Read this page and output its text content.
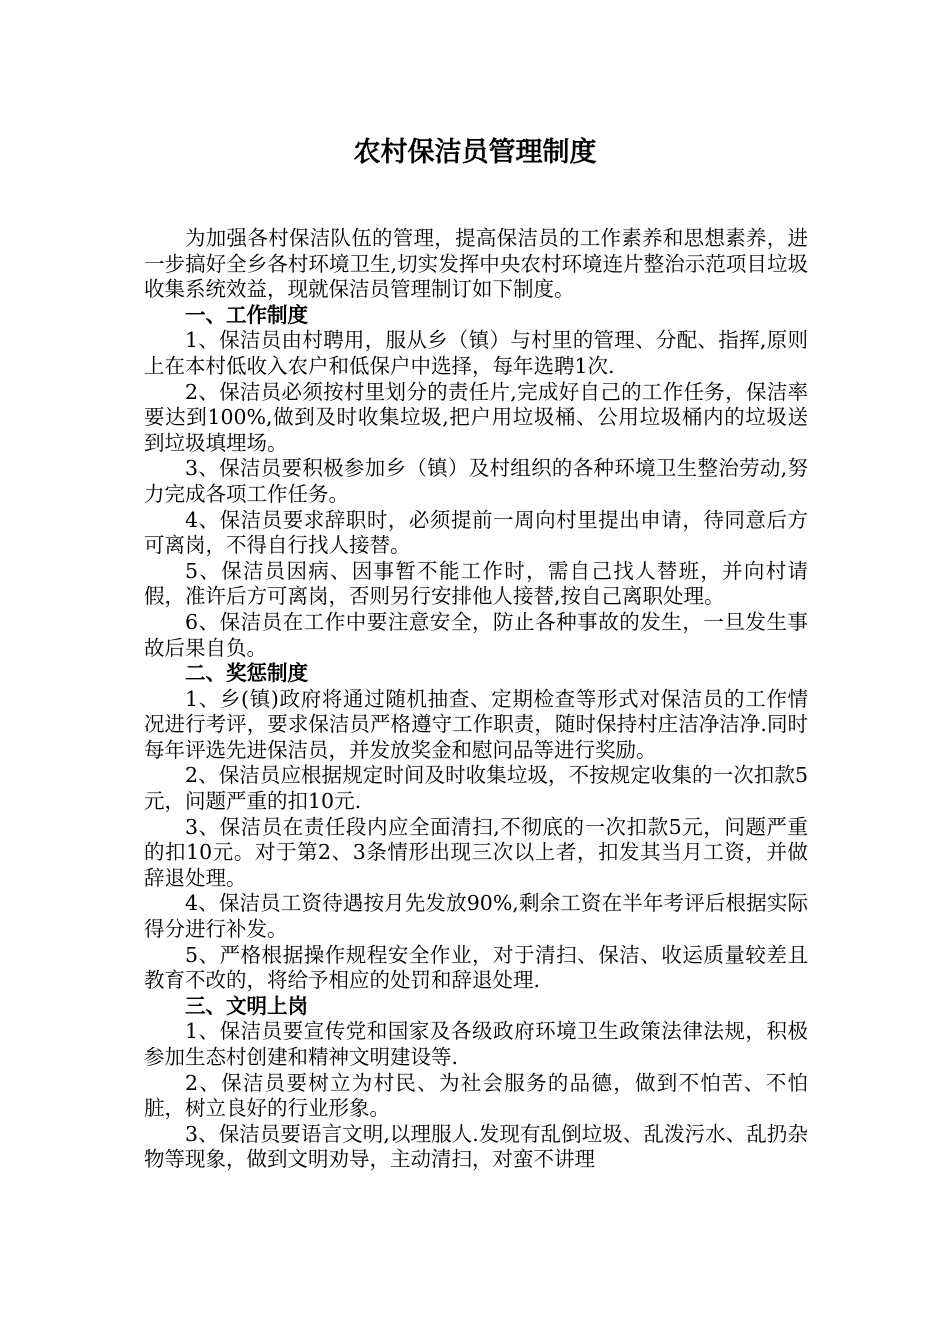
农村保洁员管理制度

为加强各村保洁队伍的管理，提高保洁员的工作素养和思想素养，进一步搞好全乡各村环境卫生,切实发挥中央农村环境连片整治示范项目垃圾收集系统效益，现就保洁员管理制订如下制度。

一、工作制度

1、保洁员由村聘用，服从乡（镇）与村里的管理、分配、指挥,原则上在本村低收入农户和低保户中选择，每年选聘1次.

2、保洁员必须按村里划分的责任片,完成好自己的工作任务，保洁率要达到100%,做到及时收集垃圾,把户用垃圾桶、公用垃圾桶内的垃圾送到垃圾填埋场。

3、保洁员要积极参加乡（镇）及村组织的各种环境卫生整治劳动,努力完成各项工作任务。

4、保洁员要求辞职时，必须提前一周向村里提出申请，待同意后方可离岗，不得自行找人接替。

5、保洁员因病、因事暂不能工作时，需自己找人替班，并向村请假，准许后方可离岗，否则另行安排他人接替,按自己离职处理。

6、保洁员在工作中要注意安全，防止各种事故的发生，一旦发生事故后果自负。

二、奖惩制度

1、乡(镇)政府将通过随机抽查、定期检查等形式对保洁员的工作情况进行考评，要求保洁员严格遵守工作职责，随时保持村庄洁净洁净.同时每年评选先进保洁员，并发放奖金和慰问品等进行奖励。

2、保洁员应根据规定时间及时收集垃圾，不按规定收集的一次扣款5元，问题严重的扣10元.

3、保洁员在责任段内应全面清扫,不彻底的一次扣款5元，问题严重的扣10元。对于第2、3条情形出现三次以上者，扣发其当月工资，并做辞退处理。

4、保洁员工资待遇按月先发放90%,剩余工资在半年考评后根据实际得分进行补发。

5、严格根据操作规程安全作业，对于清扫、保洁、收运质量较差且教育不改的，将给予相应的处罚和辞退处理.

三、文明上岗

1、保洁员要宣传党和国家及各级政府环境卫生政策法律法规，积极参加生态村创建和精神文明建设等.

2、保洁员要树立为村民、为社会服务的品德，做到不怕苦、不怕脏，树立良好的行业形象。

3、保洁员要语言文明,以理服人.发现有乱倒垃圾、乱泼污水、乱扔杂物等现象，做到文明劝导，主动清扫，对蛮不讲理
